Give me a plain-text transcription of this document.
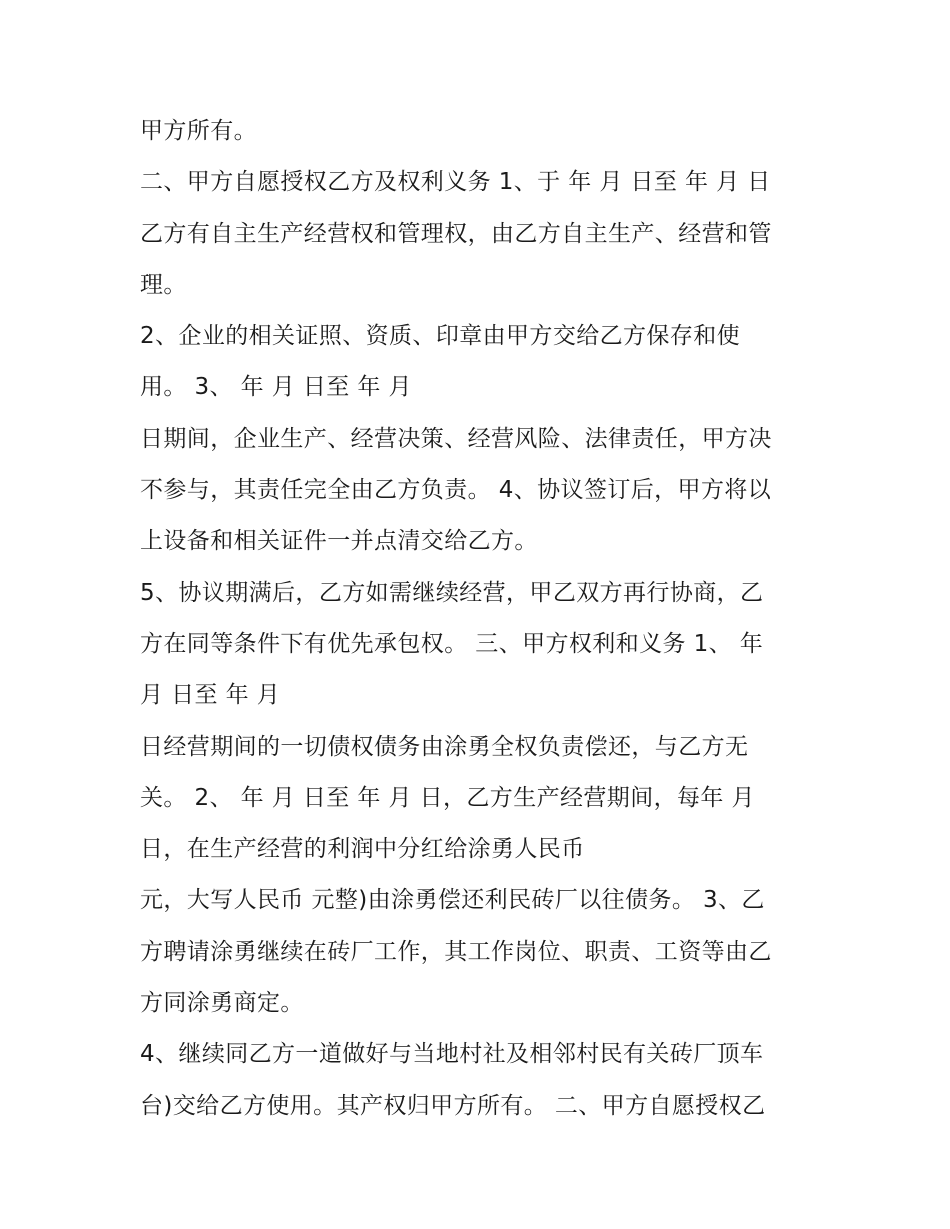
甲方所有。
二、甲方自愿授权乙方及权利义务 1、于 年 月 日至 年 月 日
乙方有自主生产经营权和管理权，由乙方自主生产、经营和管
理。
2、企业的相关证照、资质、印章由甲方交给乙方保存和使
用。 3、 年 月 日至 年 月
日期间，企业生产、经营决策、经营风险、法律责任，甲方决
不参与，其责任完全由乙方负责。 4、协议签订后，甲方将以
上设备和相关证件一并点清交给乙方。
5、协议期满后，乙方如需继续经营，甲乙双方再行协商，乙
方在同等条件下有优先承包权。 三、甲方权利和义务 1、 年
月 日至 年 月
日经营期间的一切债权债务由涂勇全权负责偿还，与乙方无
关。 2、 年 月 日至 年 月 日，乙方生产经营期间，每年 月
日，在生产经营的利润中分红给涂勇人民币
元，大写人民币 元整)由涂勇偿还利民砖厂以往债务。 3、乙
方聘请涂勇继续在砖厂工作，其工作岗位、职责、工资等由乙
方同涂勇商定。
4、继续同乙方一道做好与当地村社及相邻村民有关砖厂顶车
台)交给乙方使用。其产权归甲方所有。 二、甲方自愿授权乙
